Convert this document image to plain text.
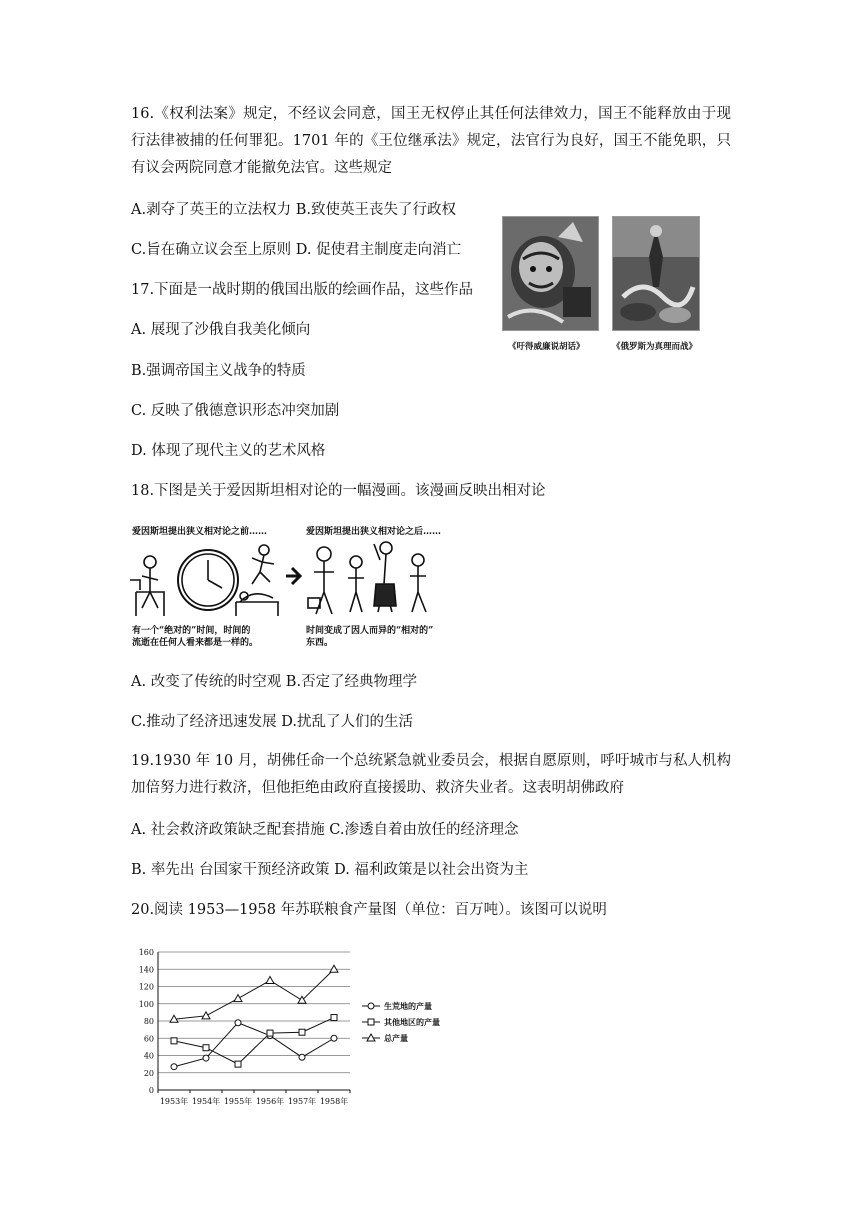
16.《权利法案》规定，不经议会同意，国王无权停止其任何法律效力，国王不能释放由于现行法律被捕的任何罪犯。1701 年的《王位继承法》规定，法官行为良好，国王不能免职，只有议会两院同意才能撤免法官。这些规定
A.剥夺了英王的立法权力 B.致使英王丧失了行政权
C.旨在确立议会至上原则 D. 促使君主制度走向消亡
17.下面是一战时期的俄国出版的绘画作品，这些作品
A. 展现了沙俄自我美化倾向
B.强调帝国主义战争的特质
C. 反映了俄德意识形态冲突加剧
D. 体现了现代主义的艺术风格
《吁得威廉说胡话》	《俄罗斯为真理而战》
18.下图是关于爱因斯坦相对论的一幅漫画。该漫画反映出相对论
爱因斯坦提出狭义相对论之前……	爱因斯坦提出狭义相对论之后……
有一个“绝对的”时间，时间的
流逝在任何人看来都是一样的。
时间变成了因人而异的“相对的”
东西。
A. 改变了传统的时空观 B.否定了经典物理学
C.推动了经济迅速发展 D.扰乱了人们的生活
19.1930 年 10 月，胡佛任命一个总统紧急就业委员会，根据自愿原则，呼吁城市与私人机构加倍努力进行救济，但他拒绝由政府直接援助、救济失业者。这表明胡佛政府
A. 社会救济政策缺乏配套措施 C.渗透自着由放任的经济理念
B. 率先出 台国家干预经济政策 D. 福利政策是以社会出资为主
20.阅读 1953—1958 年苏联粮食产量图（单位：百万吨）。该图可以说明
0
20
40
60
80
100
120
140
160
1953年 1954年 1955年 1956年 1957年 1958年
生荒地的产量
其他地区的产量
总产量
